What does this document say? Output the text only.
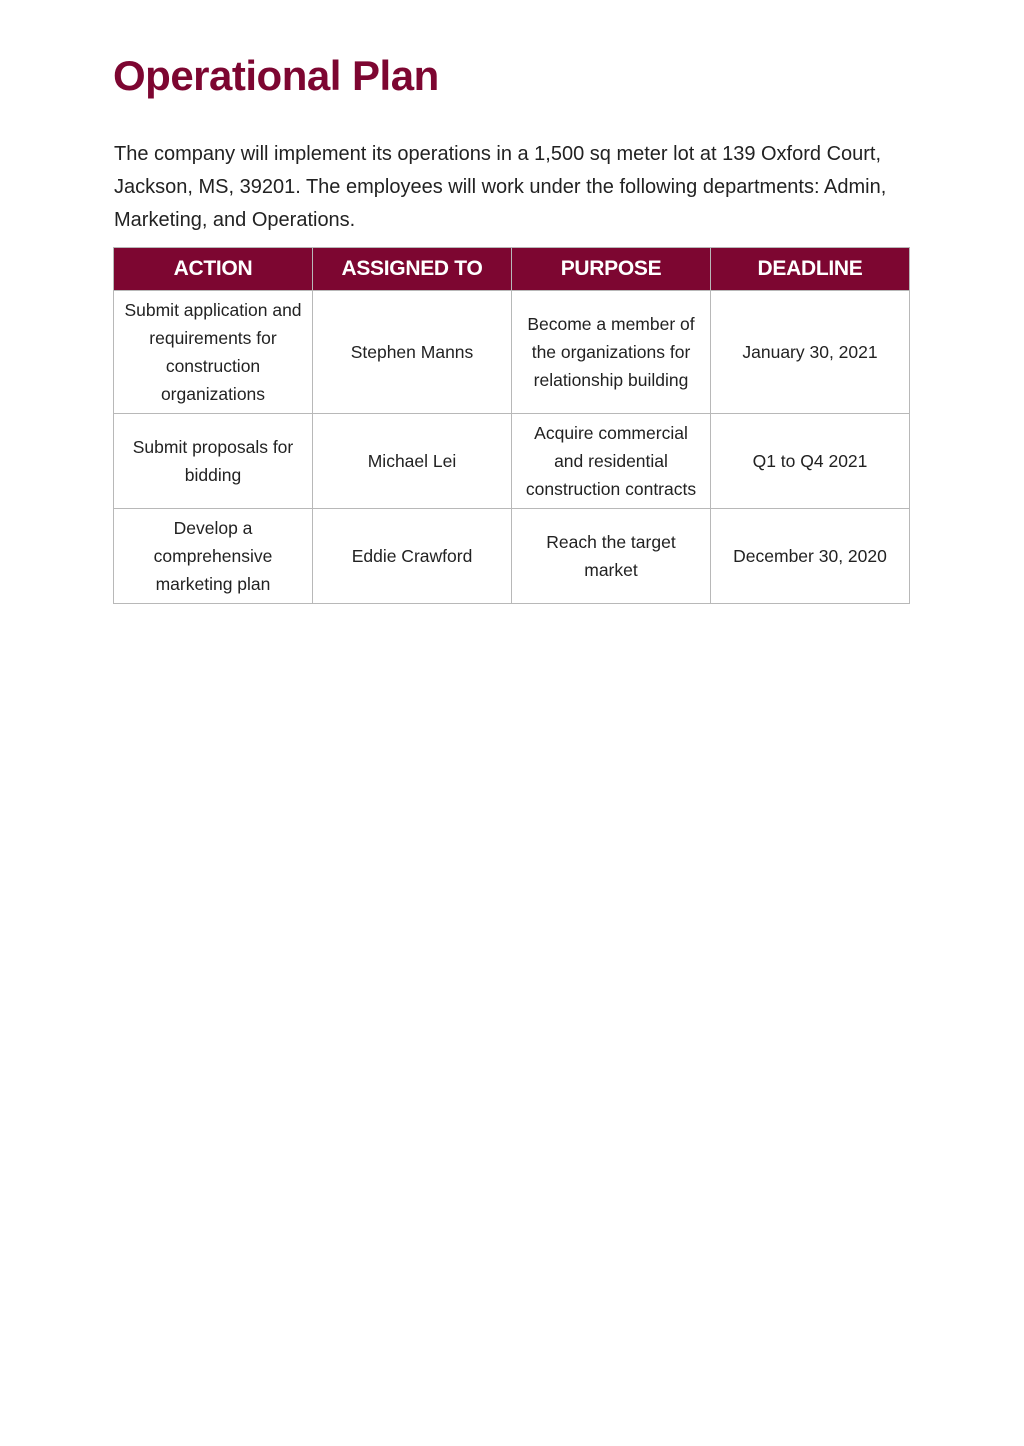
Operational Plan

The company will implement its operations in a 1,500 sq meter lot at 139 Oxford Court, Jackson, MS, 39201. The employees will work under the following departments: Admin, Marketing, and Operations.

ACTION	ASSIGNED TO	PURPOSE	DEADLINE
Submit application and requirements for construction organizations	Stephen Manns	Become a member of the organizations for relationship building	January 30, 2021
Submit proposals for bidding	Michael Lei	Acquire commercial and residential construction contracts	Q1 to Q4 2021
Develop a comprehensive marketing plan	Eddie Crawford	Reach the target market	December 30, 2020
